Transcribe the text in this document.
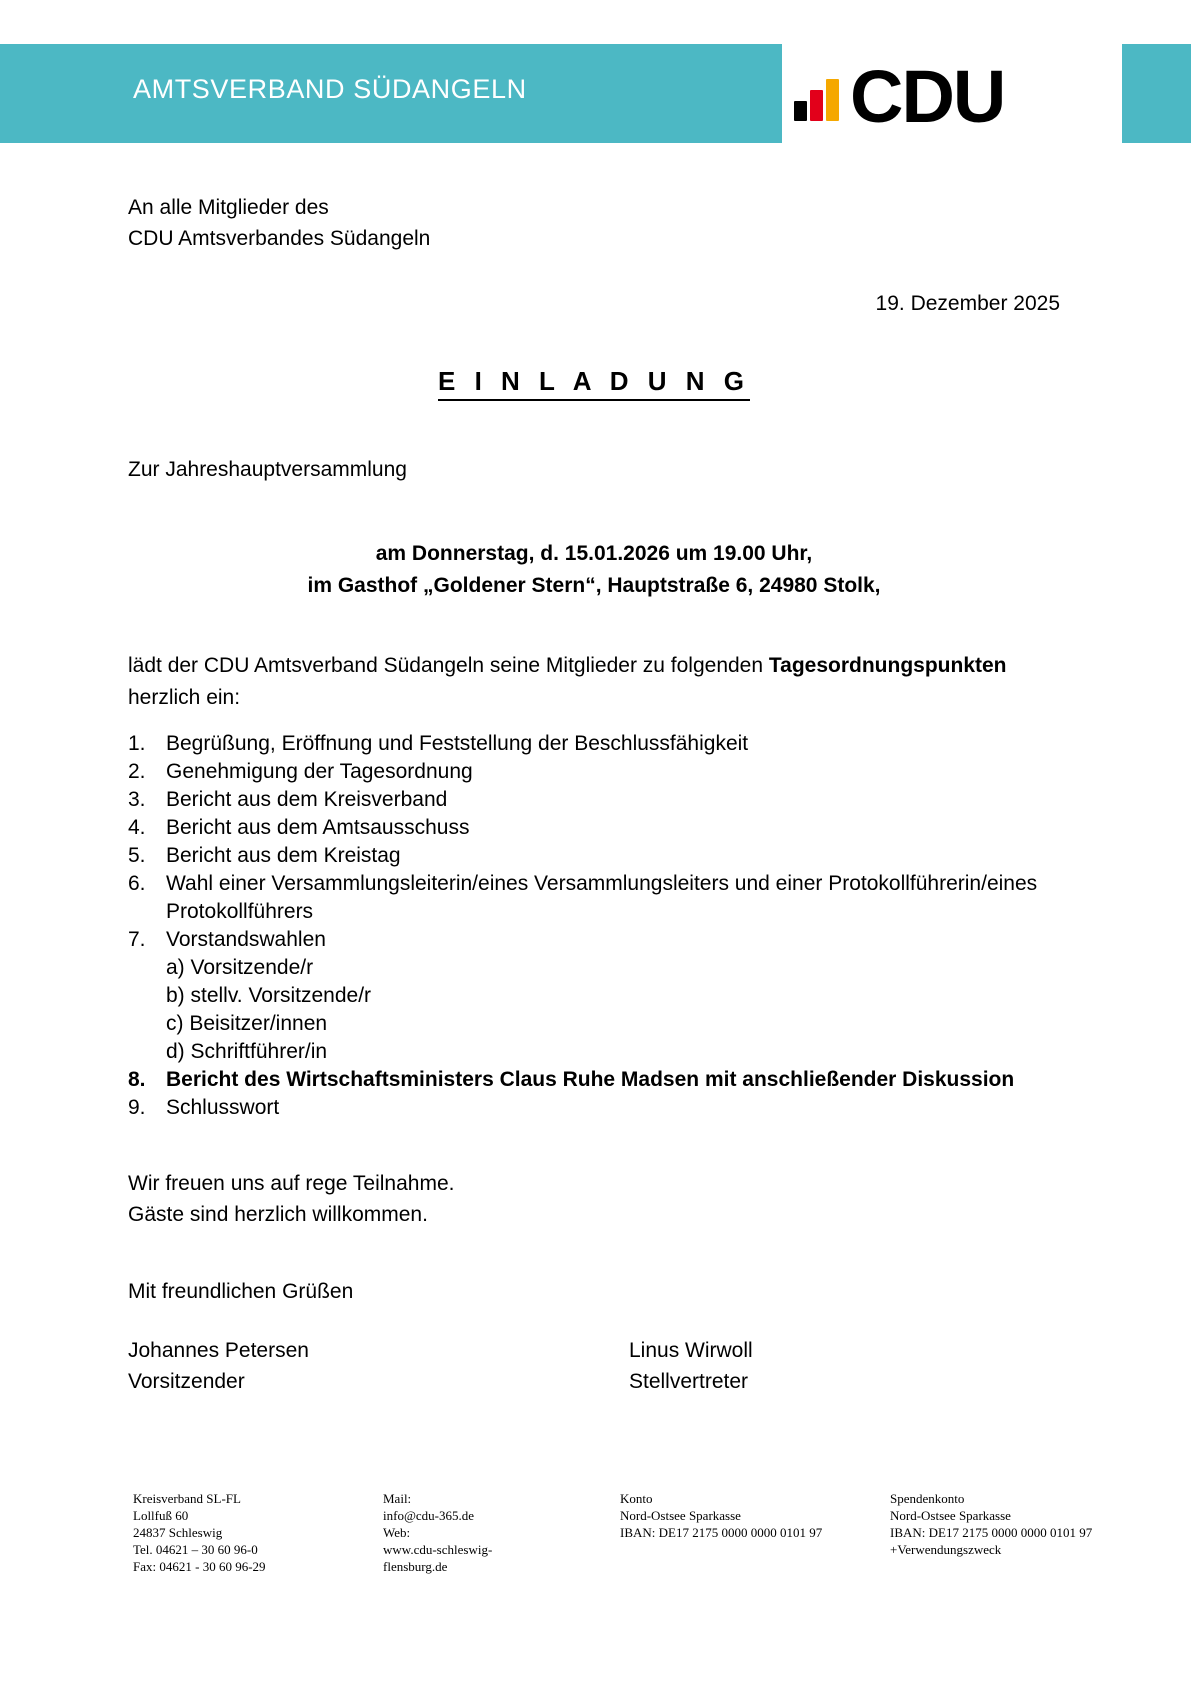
AMTSVERBAND SÜDANGELN	CDU
An alle Mitglieder des
CDU Amtsverbandes Südangeln
19. Dezember 2025
E I N L A D U N G
Zur Jahreshauptversammlung
am Donnerstag, d. 15.01.2026 um 19.00 Uhr,
im Gasthof „Goldener Stern“, Hauptstraße 6, 24980 Stolk,
lädt der CDU Amtsverband Südangeln seine Mitglieder zu folgenden Tagesordnungspunkten herzlich ein:
1. Begrüßung, Eröffnung und Feststellung der Beschlussfähigkeit
2. Genehmigung der Tagesordnung
3. Bericht aus dem Kreisverband
4. Bericht aus dem Amtsausschuss
5. Bericht aus dem Kreistag
6. Wahl einer Versammlungsleiterin/eines Versammlungsleiters und einer Protokollführerin/eines Protokollführers
7. Vorstandswahlen
a) Vorsitzende/r
b) stellv. Vorsitzende/r
c) Beisitzer/innen
d) Schriftführer/in
8. Bericht des Wirtschaftsministers Claus Ruhe Madsen mit anschließender Diskussion
9. Schlusswort
Wir freuen uns auf rege Teilnahme.
Gäste sind herzlich willkommen.
Mit freundlichen Grüßen
Johannes Petersen
Vorsitzender
Linus Wirwoll
Stellvertreter
Kreisverband SL-FL
Lollfuß 60
24837 Schleswig
Tel. 04621 – 30 60 96-0
Fax: 04621 - 30 60 96-29
Mail:
info@cdu-365.de
Web:
www.cdu-schleswig-
flensburg.de
Konto
Nord-Ostsee Sparkasse
IBAN: DE17 2175 0000 0000 0101 97
Spendenkonto
Nord-Ostsee Sparkasse
IBAN: DE17 2175 0000 0000 0101 97
+Verwendungszweck
